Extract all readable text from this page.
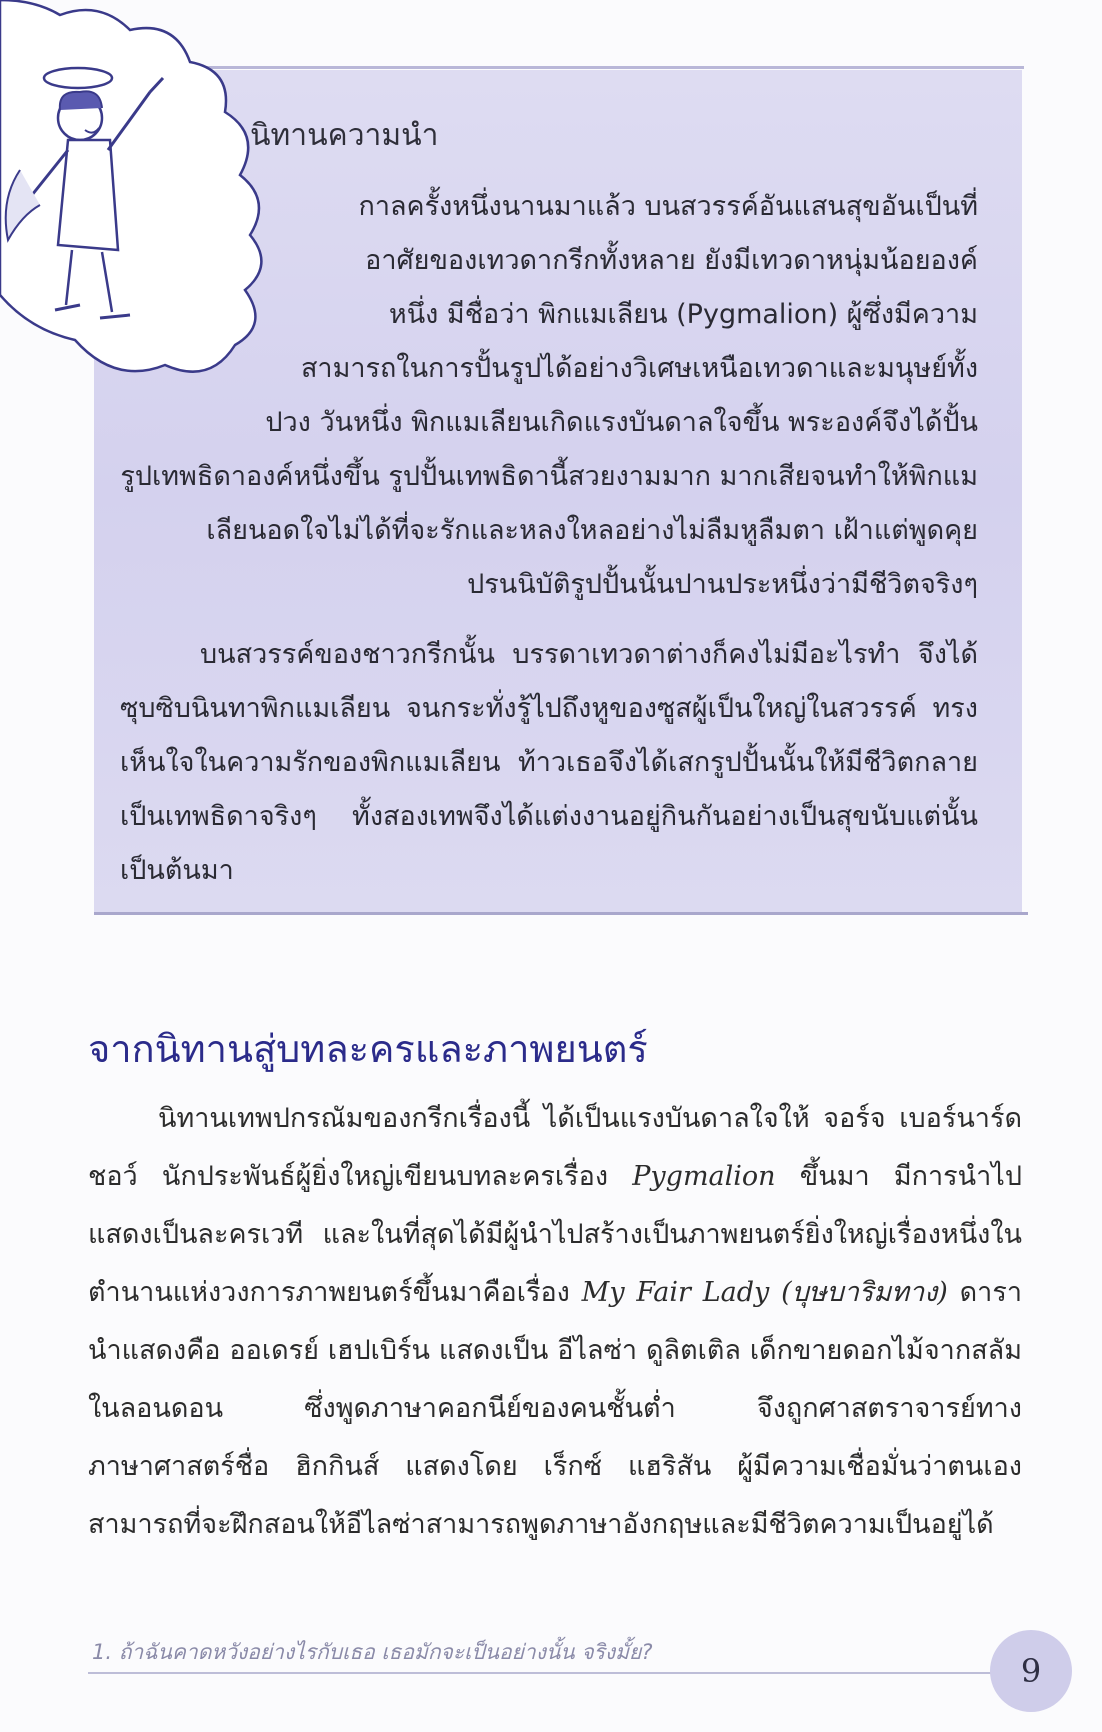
นิทานความนำ

กาลครั้งหนึ่งนานมาแล้ว บนสวรรค์อันแสนสุขอันเป็นที่อาศัยของเทวดากรีกทั้งหลาย ยังมีเทวดาหนุ่มน้อยองค์หนึ่ง มีชื่อว่า พิกแมเลียน (Pygmalion) ผู้ซึ่งมีความสามารถในการปั้นรูปได้อย่างวิเศษเหนือเทวดาและมนุษย์ทั้งปวง วันหนึ่ง พิกแมเลียนเกิดแรงบันดาลใจขึ้น พระองค์จึงได้ปั้นรูปเทพธิดาองค์หนึ่งขึ้น รูปปั้นเทพธิดานี้สวยงามมาก มากเสียจนทำให้พิกแมเลียนอดใจไม่ได้ที่จะรักและหลงใหลอย่างไม่ลืมหูลืมตา เฝ้าแต่พูดคุยปรนนิบัติรูปปั้นนั้นปานประหนึ่งว่ามีชีวิตจริงๆ

บนสวรรค์ของชาวกรีกนั้น บรรดาเทวดาต่างก็คงไม่มีอะไรทำ จึงได้ซุบซิบนินทาพิกแมเลียน จนกระทั่งรู้ไปถึงหูของซูสผู้เป็นใหญ่ในสวรรค์ ทรงเห็นใจในความรักของพิกแมเลียน ท้าวเธอจึงได้เสกรูปปั้นนั้นให้มีชีวิตกลายเป็นเทพธิดาจริงๆ ทั้งสองเทพจึงได้แต่งงานอยู่กินกันอย่างเป็นสุขนับแต่นั้นเป็นต้นมา

จากนิทานสู่บทละครและภาพยนตร์

นิทานเทพปกรณัมของกรีกเรื่องนี้ ได้เป็นแรงบันดาลใจให้ จอร์จ เบอร์นาร์ด ชอว์ นักประพันธ์ผู้ยิ่งใหญ่เขียนบทละครเรื่อง Pygmalion ขึ้นมา มีการนำไปแสดงเป็นละครเวที และในที่สุดได้มีผู้นำไปสร้างเป็นภาพยนตร์ยิ่งใหญ่เรื่องหนึ่งในตำนานแห่งวงการภาพยนตร์ขึ้นมาคือเรื่อง My Fair Lady (บุษบาริมทาง) ดารานำแสดงคือ ออเดรย์ เฮปเบิร์น แสดงเป็น อีไลซ่า ดูลิตเติล เด็กขายดอกไม้จากสลัมในลอนดอน ซึ่งพูดภาษาคอกนีย์ของคนชั้นต่ำ จึงถูกศาสตราจารย์ทางภาษาศาสตร์ชื่อ ฮิกกินส์ แสดงโดย เร็กซ์ แฮริสัน ผู้มีความเชื่อมั่นว่าตนเองสามารถที่จะฝึกสอนให้อีไลซ่าสามารถพูดภาษาอังกฤษและมีชีวิตความเป็นอยู่ได้

1. ถ้าฉันคาดหวังอย่างไรกับเธอ เธอมักจะเป็นอย่างนั้น จริงมั้ย?	9
